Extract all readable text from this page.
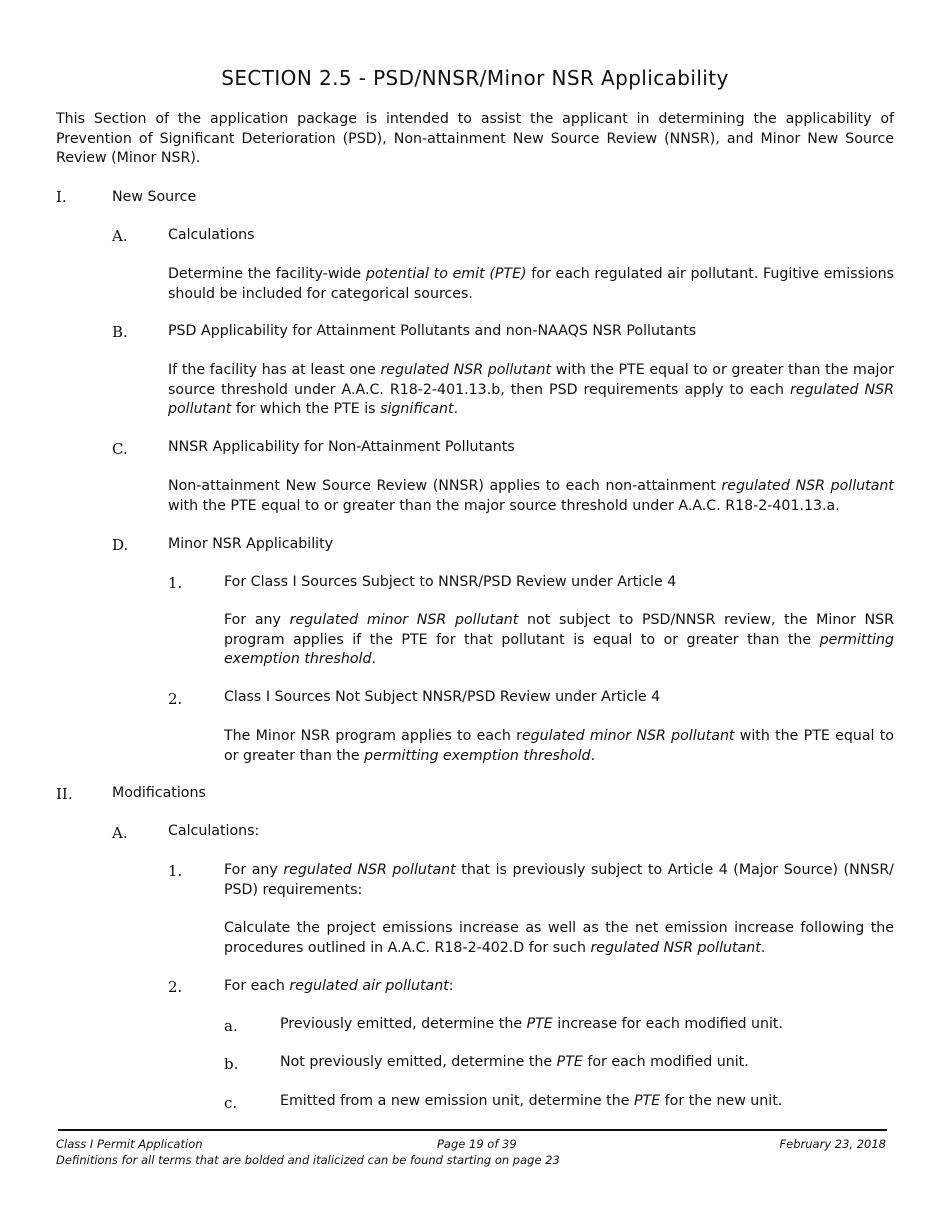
SECTION 2.5 - PSD/NNSR/Minor NSR Applicability
This Section of the application package is intended to assist the applicant in determining the applicability of Prevention of Significant Deterioration (PSD), Non-attainment New Source Review (NNSR), and Minor New Source Review (Minor NSR).
I.	New Source
A.	Calculations
Determine the facility-wide potential to emit (PTE) for each regulated air pollutant. Fugitive emissions should be included for categorical sources.
B.	PSD Applicability for Attainment Pollutants and non-NAAQS NSR Pollutants
If the facility has at least one regulated NSR pollutant with the PTE equal to or greater than the major source threshold under A.A.C. R18-2-401.13.b, then PSD requirements apply to each regulated NSR pollutant for which the PTE is significant.
C.	NNSR Applicability for Non-Attainment Pollutants
Non-attainment New Source Review (NNSR) applies to each non-attainment regulated NSR pollutant with the PTE equal to or greater than the major source threshold under A.A.C. R18-2-401.13.a.
D.	Minor NSR Applicability
1.	For Class I Sources Subject to NNSR/PSD Review under Article 4
For any regulated minor NSR pollutant not subject to PSD/NNSR review, the Minor NSR program applies if the PTE for that pollutant is equal to or greater than the permitting exemption threshold.
2.	Class I Sources Not Subject NNSR/PSD Review under Article 4
The Minor NSR program applies to each regulated minor NSR pollutant with the PTE equal to or greater than the permitting exemption threshold.
II.	Modifications
A.	Calculations:
1.	For any regulated NSR pollutant that is previously subject to Article 4 (Major Source) (NNSR/ PSD) requirements:
Calculate the project emissions increase as well as the net emission increase following the procedures outlined in A.A.C. R18-2-402.D for such regulated NSR pollutant.
2.	For each regulated air pollutant:
a.	Previously emitted, determine the PTE increase for each modified unit.
b.	Not previously emitted, determine the PTE for each modified unit.
c.	Emitted from a new emission unit, determine the PTE for the new unit.
Class I Permit Application	Page 19 of 39	February 23, 2018
Definitions for all terms that are bolded and italicized can be found starting on page 23
